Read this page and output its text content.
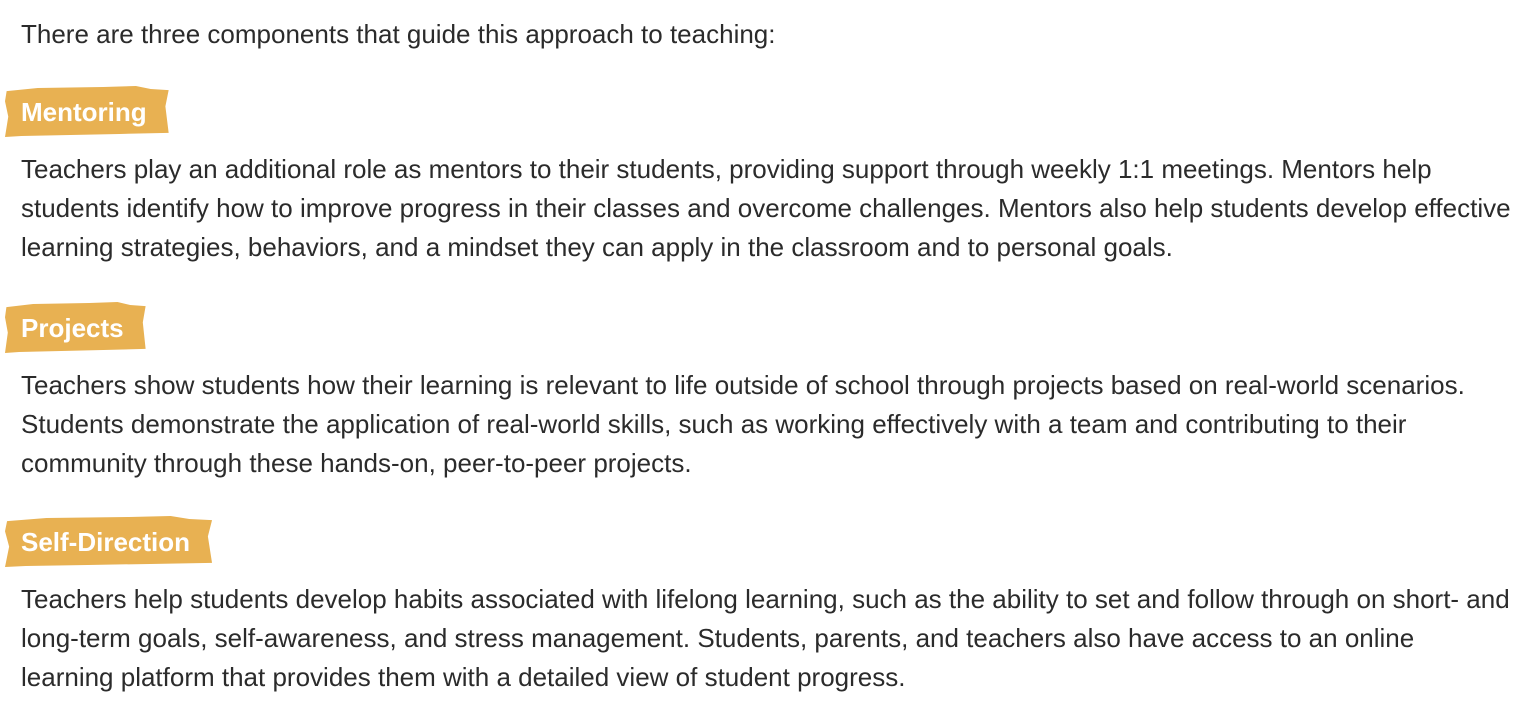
There are three components that guide this approach to teaching:

Mentoring

Teachers play an additional role as mentors to their students, providing support through weekly 1:1 meetings. Mentors help students identify how to improve progress in their classes and overcome challenges. Mentors also help students develop effective learning strategies, behaviors, and a mindset they can apply in the classroom and to personal goals.

Projects

Teachers show students how their learning is relevant to life outside of school through projects based on real-world scenarios. Students demonstrate the application of real-world skills, such as working effectively with a team and contributing to their community through these hands-on, peer-to-peer projects.

Self-Direction

Teachers help students develop habits associated with lifelong learning, such as the ability to set and follow through on short- and long-term goals, self-awareness, and stress management. Students, parents, and teachers also have access to an online learning platform that provides them with a detailed view of student progress.
